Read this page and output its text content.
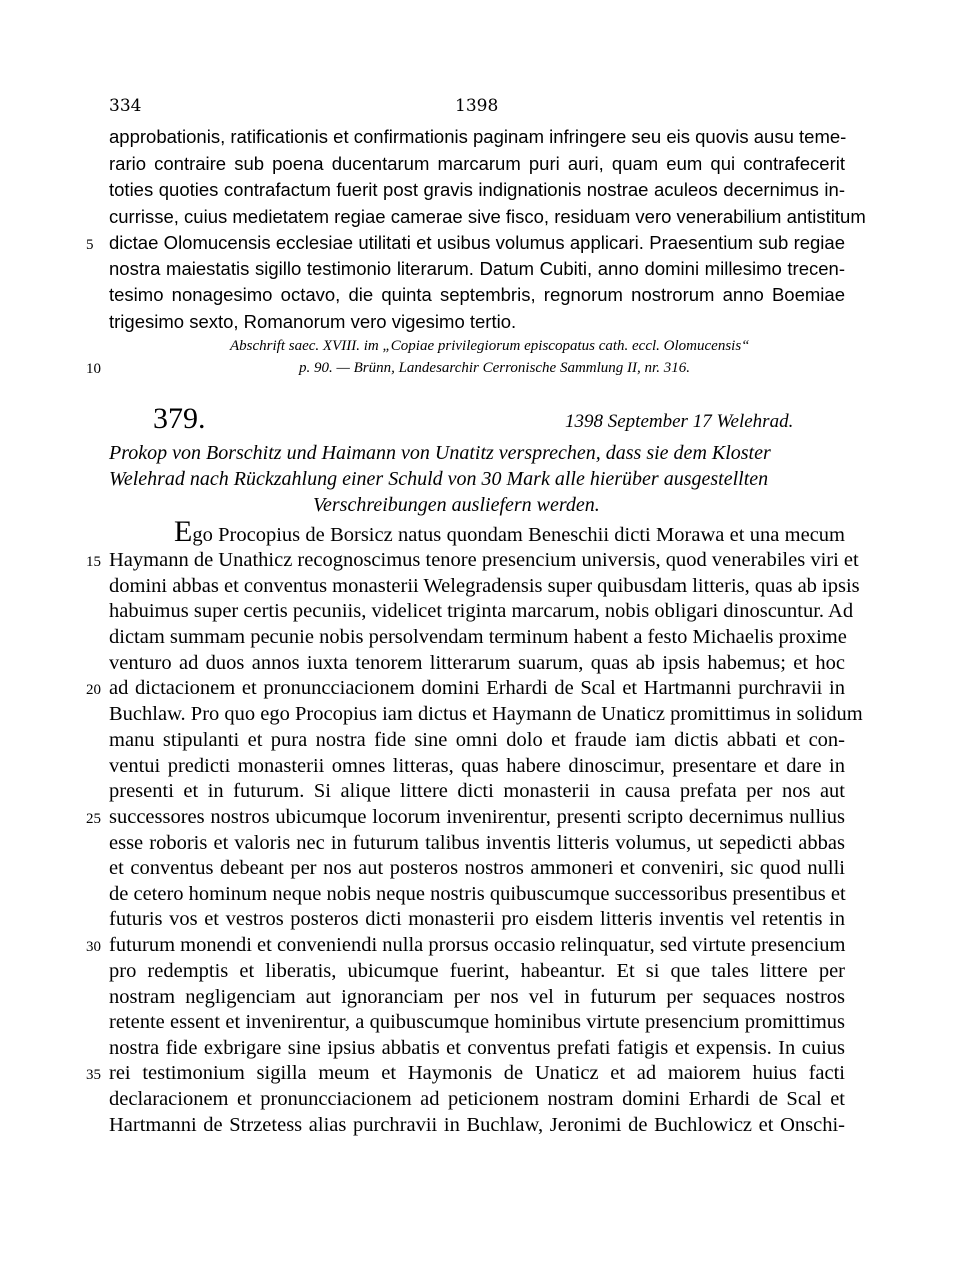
334	1398
approbationis, ratificationis et confirmationis paginam infringere seu eis quovis ausu teme-
rario contraire sub poena ducentarum marcarum puri auri, quam eum qui contrafecerit
toties quoties contrafactum fuerit post gravis indignationis nostrae aculeos decernimus in-
currisse, cuius medietatem regiae camerae sive fisco, residuam vero venerabilium antistitum
dictae Olomucensis ecclesiae utilitati et usibus volumus applicari. Praesentium sub regiae
nostra maiestatis sigillo testimonio literarum. Datum Cubiti, anno domini millesimo trecen-
tesimo nonagesimo octavo, die quinta septembris, regnorum nostrorum anno Boemiae
trigesimo sexto, Romanorum vero vigesimo tertio.
Abschrift saec. XVIII. im „Copiae privilegiorum episcopatus cath. eccl. Olomucensis“
p. 90. — Brünn, Landesarchir Cerronische Sammlung II, nr. 316.
379.	1398 September 17 Welehrad.
Prokop von Borschitz und Haimann von Unatitz versprechen, dass sie dem Kloster
Welehrad nach Rückzahlung einer Schuld von 30 Mark alle hierüber ausgestellten
Verschreibungen ausliefern werden.
Ego Procopius de Borsicz natus quondam Beneschii dicti Morawa et una mecum
Haymann de Unathicz recognoscimus tenore presencium universis, quod venerabiles viri et
domini abbas et conventus monasterii Welegradensis super quibusdam litteris, quas ab ipsis
habuimus super certis pecuniis, videlicet triginta marcarum, nobis obligari dinoscuntur. Ad
dictam summam pecunie nobis persolvendam terminum habent a festo Michaelis proxime
venturo ad duos annos iuxta tenorem litterarum suarum, quas ab ipsis habemus; et hoc
ad dictacionem et pronuncciacionem domini Erhardi de Scal et Hartmanni purchravii in
Buchlaw. Pro quo ego Procopius iam dictus et Haymann de Unaticz promittimus in solidum
manu stipulanti et pura nostra fide sine omni dolo et fraude iam dictis abbati et con-
ventui predicti monasterii omnes litteras, quas habere dinoscimur, presentare et dare in
presenti et in futurum. Si alique littere dicti monasterii in causa prefata per nos aut
successores nostros ubicumque locorum invenirentur, presenti scripto decernimus nullius
esse roboris et valoris nec in futurum talibus inventis litteris volumus, ut sepedicti abbas
et conventus debeant per nos aut posteros nostros ammoneri et conveniri, sic quod nulli
de cetero hominum neque nobis neque nostris quibuscumque successoribus presentibus et
futuris vos et vestros posteros dicti monasterii pro eisdem litteris inventis vel retentis in
futurum monendi et conveniendi nulla prorsus occasio relinquatur, sed virtute presencium
pro redemptis et liberatis, ubicumque fuerint, habeantur. Et si que tales littere per
nostram negligenciam aut ignoranciam per nos vel in futurum per sequaces nostros
retente essent et invenirentur, a quibuscumque hominibus virtute presencium promittimus
nostra fide exbrigare sine ipsius abbatis et conventus prefati fatigis et expensis. In cuius
rei testimonium sigilla meum et Haymonis de Unaticz et ad maiorem huius facti
declaracionem et pronuncciacionem ad peticionem nostram domini Erhardi de Scal et
Hartmanni de Strzetess alias purchravii in Buchlaw, Jeronimi de Buchlowicz et Onschi-
5
10
15
20
25
30
35
